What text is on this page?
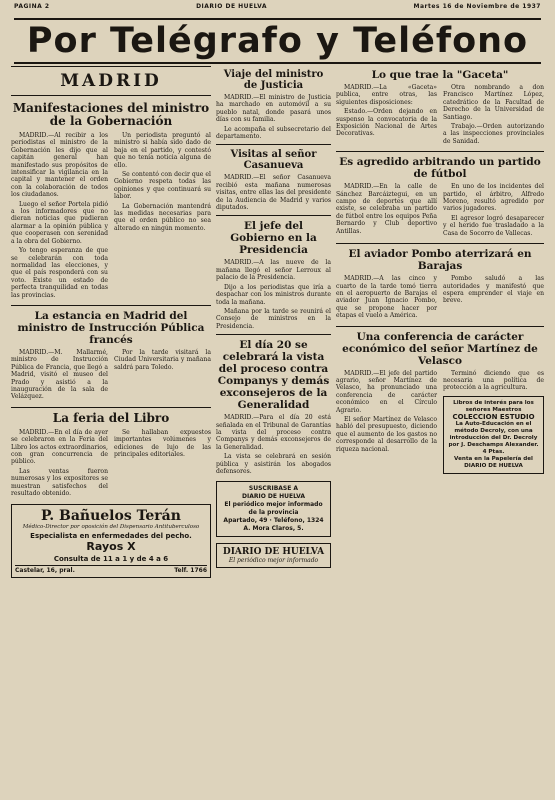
PAGINA 2	DIARIO DE HUELVA	Martes 16 de Noviembre de 1937
Por Telégrafo y Teléfono
MADRID
Manifestaciones del ministro de la Gobernación

MADRID.—Al recibir a los periodistas el ministro de la Gobernación les dijo que al capitán general han manifestado sus propósitos de intensificar la vigilancia en la capital y mantener el orden con la colaboración de todos los ciudadanos.

Luego el señor Portela pidió a los informadores que no dieran noticias que pudieran alarmar a la opinión pública y que cooperasen con serenidad a la obra del Gobierno.

Yo tengo esperanza de que se celebrarán con toda normalidad las elecciones, y que el país responderá con su voto. Existe un estado de perfecta tranquilidad en todas las provincias.

Un periodista preguntó al ministro si había sido dado de baja en el partido, y contestó que no tenía noticia alguna de ello.

Se contentó con decir que el Gobierno respeta todas las opiniones y que continuará su labor.

La Gobernación mantendrá las medidas necesarias para que el orden público no sea alterado en ningún momento.

La estancia en Madrid del ministro de Instrucción Pública francés

MADRID.—M. Mallarmé, ministro de Instrucción Pública de Francia, que llegó a Madrid, visitó el museo del Prado y asistió a la inauguración de la sala de Velázquez.

Por la tarde visitará la Ciudad Universitaria y mañana saldrá para Toledo.

La feria del Libro

MADRID.—En el día de ayer se celebraron en la Feria del Libro los actos extraordinarios, con gran concurrencia de público.

Las ventas fueron numerosas y los expositores se muestran satisfechos del resultado obtenido.

Se hallaban expuestos importantes volúmenes y ediciones de lujo de las principales editoriales.

P. Bañuelos Terán
Médico-Director por oposición del Dispensario Antituberculoso
Especialista en enfermedades del pecho.
Rayos X
Consulta de 11 a 1 y de 4 a 6
Castelar, 16, pral.	Telf. 1766
Viaje del ministro de Justicia

MADRID.—El ministro de Justicia ha marchado en automóvil a su pueblo natal, donde pasará unos días con su familia.

Le acompaña el subsecretario del departamento.

Visitas al señor Casanueva

MADRID.—El señor Casanueva recibió esta mañana numerosas visitas, entre ellas las del presidente de la Audiencia de Madrid y varios diputados.

El jefe del Gobierno en la Presidencia

MADRID.—A las nueve de la mañana llegó el señor Lerroux al palacio de la Presidencia.

Dijo a los periodistas que iría a despachar con los ministros durante toda la mañana.

Mañana por la tarde se reunirá el Consejo de ministros en la Presidencia.

El día 20 se celebrará la vista del proceso contra Companys y demás exconsejeros de la Generalidad

MADRID.—Para el día 20 está señalada en el Tribunal de Garantías la vista del proceso contra Companys y demás exconsejeros de la Generalidad.

La vista se celebrará en sesión pública y asistirán los abogados defensores.

SUSCRIBASE A
DIARIO DE HUELVA
El periódico mejor informado de la provincia
Apartado, 49 · Teléfono, 1324
A. Mora Claros, 5.
DIARIO DE HUELVA
El periódico mejor informado
Lo que trae la "Gaceta"

MADRID.—La «Gaceta» publica, entre otras, las siguientes disposiciones:

Estado.—Orden dejando en suspenso la convocatoria de la Exposición Nacional de Artes Decorativas.

Otra nombrando a don Francisco Martínez López, catedrático de la Facultad de Derecho de la Universidad de Santiago.

Trabajo.—Orden autorizando a las inspecciones provinciales de Sanidad.

Es agredido arbitrando un partido de fútbol

MADRID.—En la calle de Sánchez Barcáiztegui, en un campo de deportes que allí existe, se celebraba un partido de fútbol entre los equipos Peña Bernardo y Club deportivo Antillas.

En uno de los incidentes del partido, el árbitro, Alfredo Moreno, resultó agredido por varios jugadores.

El agresor logró desaparecer y el herido fue trasladado a la Casa de Socorro de Vallecas.

El aviador Pombo aterrizará en Barajas

MADRID.—A las cinco y cuarto de la tarde tomó tierra en el aeropuerto de Barajas el aviador Juan Ignacio Pombo, que se propone hacer por etapas el vuelo a América.

Pombo saludó a las autoridades y manifestó que espera emprender el viaje en breve.

Una conferencia de carácter económico del señor Martínez de Velasco

MADRID.—El jefe del partido agrario, señor Martínez de Velasco, ha pronunciado una conferencia de carácter económico en el Círculo Agrario.

El señor Martínez de Velasco habló del presupuesto, diciendo que el aumento de los gastos no corresponde al desarrollo de la riqueza nacional.

Terminó diciendo que es necesaria una política de protección a la agricultura.

Libros de interés para los señores Maestros
COLECCION ESTUDIO
La Auto-Educación en el método Decroly, con una introducción del Dr. Decroly
por J. Deschamps Alexander.
4 Ptas.
Venta en la Papelería del DIARIO DE HUELVA
